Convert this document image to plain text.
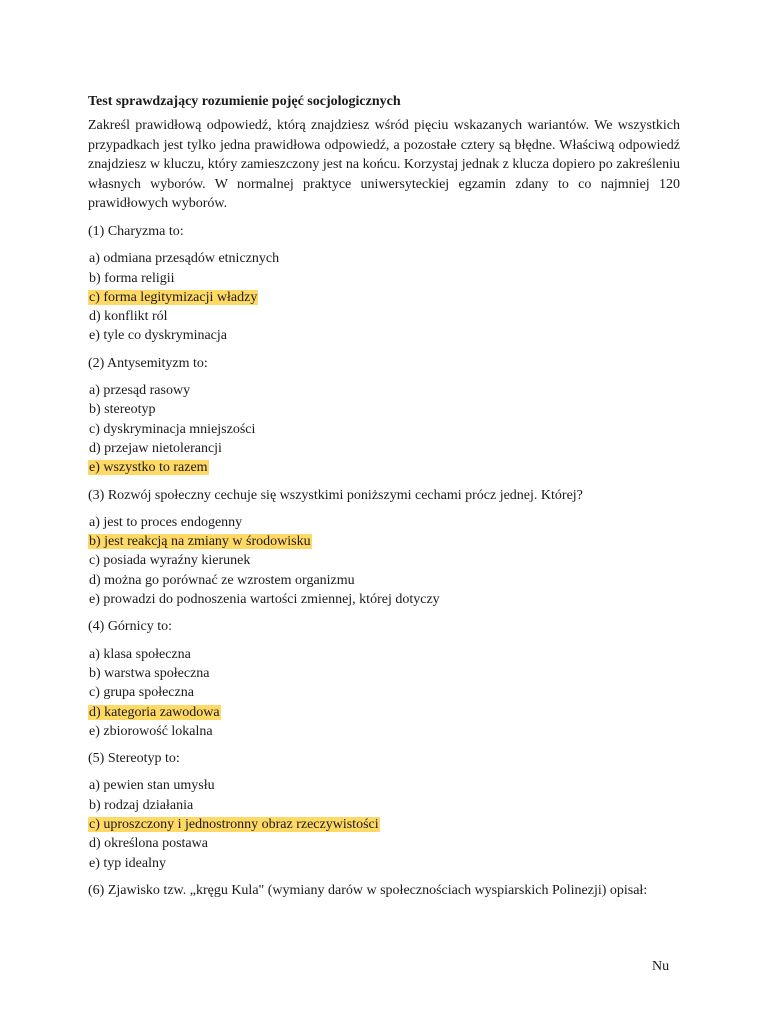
Test sprawdzający rozumienie pojęć socjologicznych

Zakreśl prawidłową odpowiedź, którą znajdziesz wśród pięciu wskazanych wariantów. We wszystkich przypadkach jest tylko jedna prawidłowa odpowiedź, a pozostałe cztery są błędne. Właściwą odpowiedź znajdziesz w kluczu, który zamieszczony jest na końcu. Korzystaj jednak z klucza dopiero po zakreśleniu własnych wyborów. W normalnej praktyce uniwersyteckiej egzamin zdany to co najmniej 120 prawidłowych wyborów.

(1) Charyzma to:

a) odmiana przesądów etnicznych
b) forma religii
c) forma legitymizacji władzy
d) konflikt ról
e) tyle co dyskryminacja

(2) Antysemityzm to:

a) przesąd rasowy
b) stereotyp
c) dyskryminacja mniejszości
d) przejaw nietolerancji
e) wszystko to razem

(3) Rozwój społeczny cechuje się wszystkimi poniższymi cechami prócz jednej. Której?

a) jest to proces endogenny
b) jest reakcją na zmiany w środowisku
c) posiada wyraźny kierunek
d) można go porównać ze wzrostem organizmu
e) prowadzi do podnoszenia wartości zmiennej, której dotyczy

(4) Górnicy to:

a) klasa społeczna
b) warstwa społeczna
c) grupa społeczna
d) kategoria zawodowa
e) zbiorowość lokalna

(5) Stereotyp to:

a) pewien stan umysłu
b) rodzaj działania
c) uproszczony i jednostronny obraz rzeczywistości
d) określona postawa
e) typ idealny

(6) Zjawisko tzw. „kręgu Kula" (wymiany darów w społecznościach wyspiarskich Polinezji) opisał:

Nu
